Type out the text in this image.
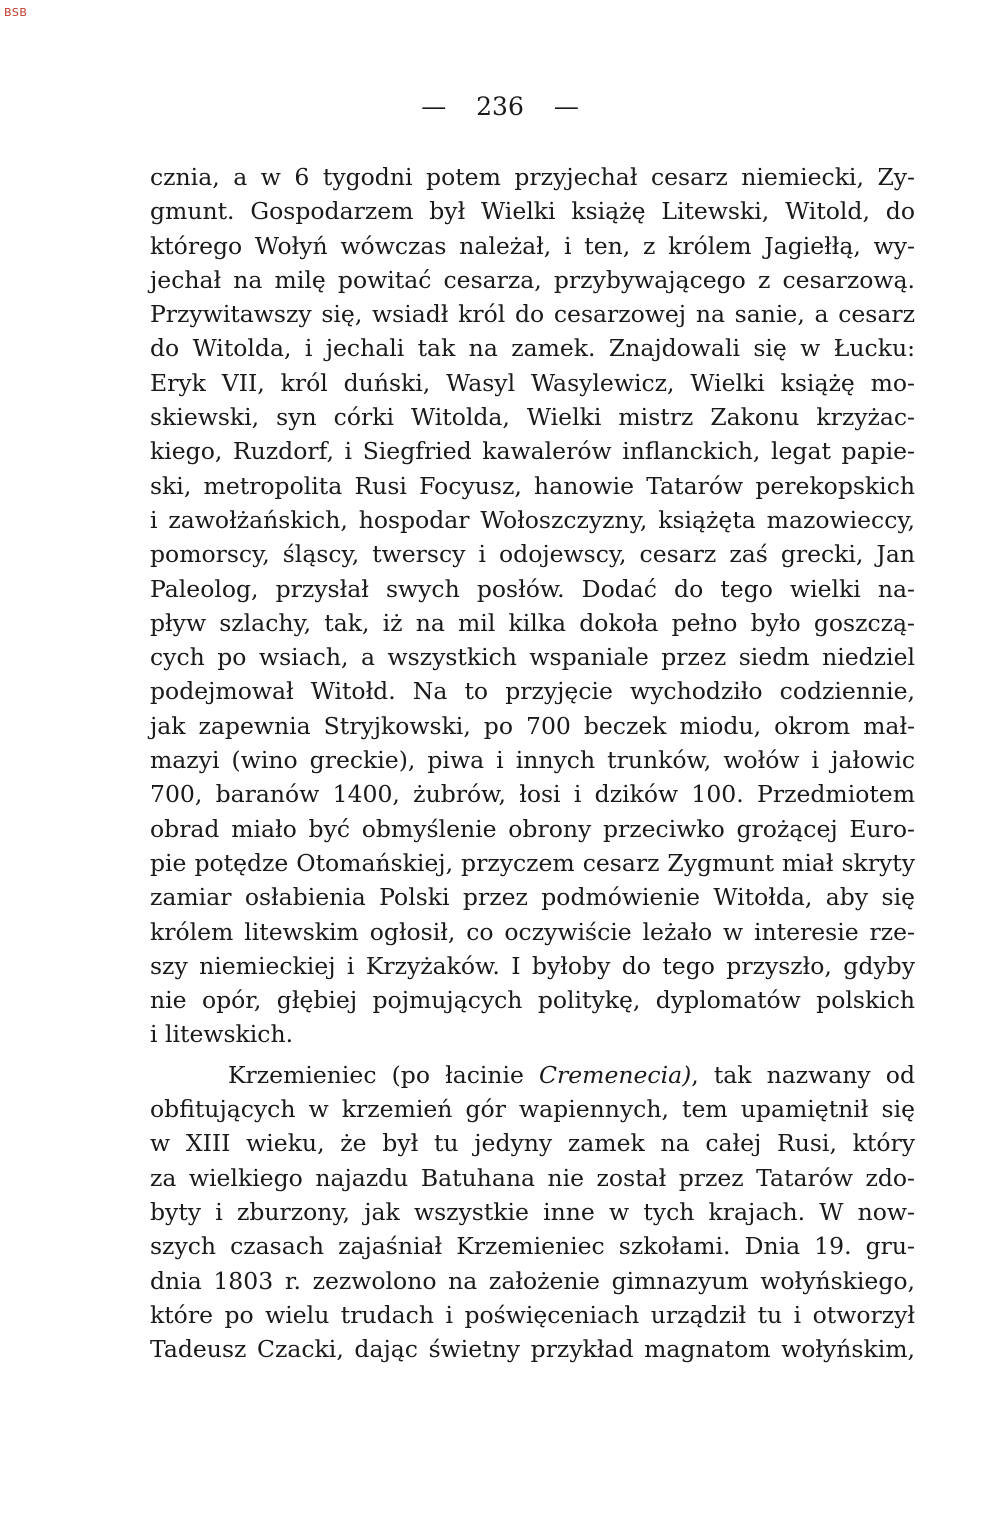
BSB
— 236 —
cznia, a w 6 tygodni potem przyjechał cesarz niemiecki, Zy-
gmunt. Gospodarzem był Wielki książę Litewski, Witold, do
którego Wołyń wówczas należał, i ten, z królem Jagiełłą, wy-
jechał na milę powitać cesarza, przybywającego z cesarzową.
Przywitawszy się, wsiadł król do cesarzowej na sanie, a cesarz
do Witolda, i jechali tak na zamek. Znajdowali się w Łucku:
Eryk VII, król duński, Wasyl Wasylewicz, Wielki książę mo-
skiewski, syn córki Witolda, Wielki mistrz Zakonu krzyżac-
kiego, Ruzdorf, i Siegfried kawalerów inflanckich, legat papie-
ski, metropolita Rusi Focyusz, hanowie Tatarów perekopskich
i zawołżańskich, hospodar Wołoszczyzny, książęta mazowieccy,
pomorscy, śląscy, twerscy i odojewscy, cesarz zaś grecki, Jan
Paleolog, przysłał swych posłów. Dodać do tego wielki na-
pływ szlachy, tak, iż na mil kilka dokoła pełno było goszczą-
cych po wsiach, a wszystkich wspaniale przez siedm niedziel
podejmował Witołd. Na to przyjęcie wychodziło codziennie,
jak zapewnia Stryjkowski, po 700 beczek miodu, okrom mał-
mazyi (wino greckie), piwa i innych trunków, wołów i jałowic
700, baranów 1400, żubrów, łosi i dzików 100. Przedmiotem
obrad miało być obmyślenie obrony przeciwko grożącej Euro-
pie potędze Otomańskiej, przyczem cesarz Zygmunt miał skryty
zamiar osłabienia Polski przez podmówienie Witołda, aby się
królem litewskim ogłosił, co oczywiście leżało w interesie rze-
szy niemieckiej i Krzyżaków. I byłoby do tego przyszło, gdyby
nie opór, głębiej pojmujących politykę, dyplomatów polskich
i litewskich.
Krzemieniec (po łacinie Cremenecia), tak nazwany od
obfitujących w krzemień gór wapiennych, tem upamiętnił się
w XIII wieku, że był tu jedyny zamek na całej Rusi, który
za wielkiego najazdu Batuhana nie został przez Tatarów zdo-
byty i zburzony, jak wszystkie inne w tych krajach. W now-
szych czasach zajaśniał Krzemieniec szkołami. Dnia 19. gru-
dnia 1803 r. zezwolono na założenie gimnazyum wołyńskiego,
które po wielu trudach i poświęceniach urządził tu i otworzył
Tadeusz Czacki, dając świetny przykład magnatom wołyńskim,
